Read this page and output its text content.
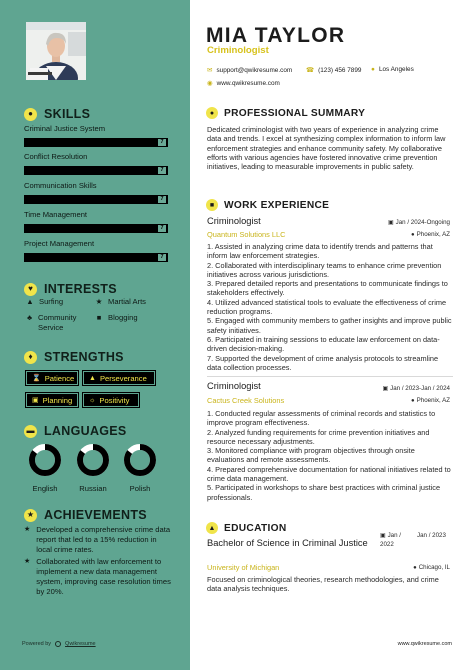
● SKILLS
Criminal Justice System
7
Conflict Resolution
7
Communication Skills
7
Time Management
7
Project Management
7
♥ INTERESTS
▲ Surfing	★ Martial Arts
♣ Community Service
■ Blogging
♦ STRENGTHS
⌛ Patience ▲ Perseverance
▣ Planning ☼ Positivity
▬ LANGUAGES
English	Russian	Polish
★ ACHIEVEMENTS
★ Developed a comprehensive crime data report that led to a 15% reduction in local crime rates.
★ Collaborated with law enforcement to implement a new data management system, improving case resolution times by 20%.
Powered by	Qwikresume
MIA TAYLOR
Criminologist
✉ support@qwikresume.com ☎ (123) 456 7899 ● Los Angeles
◉ www.qwikresume.com
● PROFESSIONAL SUMMARY
Dedicated criminologist with two years of experience in analyzing crime data and trends. I excel at synthesizing complex information to inform law enforcement strategies and enhance community safety. My collaborative efforts with various agencies have fostered innovative crime prevention initiatives, leading to measurable improvements in public safety.
■ WORK EXPERIENCE
Criminologist
Quantum Solutions LLC
▣ Jan / 2024-Ongoing
● Phoenix, AZ
1. Assisted in analyzing crime data to identify trends and patterns that inform law enforcement strategies.
2. Collaborated with interdisciplinary teams to enhance crime prevention initiatives across various jurisdictions.
3. Prepared detailed reports and presentations to communicate findings to stakeholders effectively.
4. Utilized advanced statistical tools to evaluate the effectiveness of crime reduction programs.
5. Engaged with community members to gather insights and improve public safety initiatives.
6. Participated in training sessions to educate law enforcement on data-driven decision-making.
7. Supported the development of crime analysis protocols to streamline data collection processes.
Criminologist
Cactus Creek Solutions
▣ Jan / 2023-Jan / 2024
● Phoenix, AZ
1. Conducted regular assessments of criminal records and statistics to improve program effectiveness.
2. Analyzed funding requirements for crime prevention initiatives and resource necessary adjustments.
3. Monitored compliance with program objectives through onsite evaluations and remote assessments.
4. Prepared comprehensive documentation for national initiatives related to crime data management.
5. Participated in workshops to share best practices with criminal justice professionals.
▲ EDUCATION
Bachelor of Science in Criminal Justice
University of Michigan
▣ Jan / 2022
Jan / 2023
● Chicago, IL
Focused on criminological theories, research methodologies, and crime data analysis techniques.
www.qwikresume.com
